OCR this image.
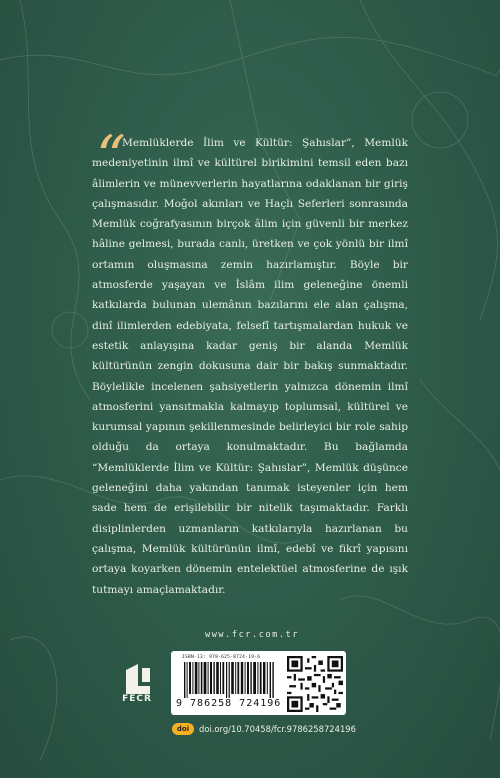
“
Memlüklerde İlim ve Kültür: Şahıslar”, Memlük medeniyetinin ilmî ve kültürel birikimini temsil eden bazı âlimlerin ve münevverlerin hayatlarına odaklanan bir giriş çalışmasıdır. Moğol akınları ve Haçlı Seferleri sonrasında Memlük coğrafyasının birçok âlim için güvenli bir merkez hâline gelmesi, burada canlı, üretken ve çok yönlü bir ilmî ortamın oluşmasına zemin hazırlamıştır. Böyle bir atmosferde yaşayan ve İslâm ilim geleneğine önemli katkılarda bulunan ulemânın bazılarını ele alan çalışma, dinî ilimlerden edebiyata, felsefî tartışmalardan hukuk ve estetik anlayışına kadar geniş bir alanda Memlük kültürünün zengin dokusuna dair bir bakış sunmaktadır. Böylelikle incelenen şahsiyetlerin yalnızca dönemin ilmî atmosferini yansıtmakla kalmayıp toplumsal, kültürel ve kurumsal yapının şekillenmesinde belirleyici bir role sahip olduğu da ortaya konulmaktadır. Bu bağlamda “Memlüklerde İlim ve Kültür: Şahıslar”, Memlük düşünce geleneğini daha yakından tanımak isteyenler için hem sade hem de erişilebilir bir nitelik taşımaktadır. Farklı disiplinlerden uzmanların katkılarıyla hazırlanan bu çalışma, Memlük kültürünün ilmî, edebî ve fikrî yapısını ortaya koyarken dönemin entelektüel atmosferine de ışık tutmayı amaçlamaktadır.
www.fcr.com.tr
FECR
ISBN-13: 978-625-8724-19-6
9 786258 724196
doi	doi.org/10.70458/fcr.9786258724196
